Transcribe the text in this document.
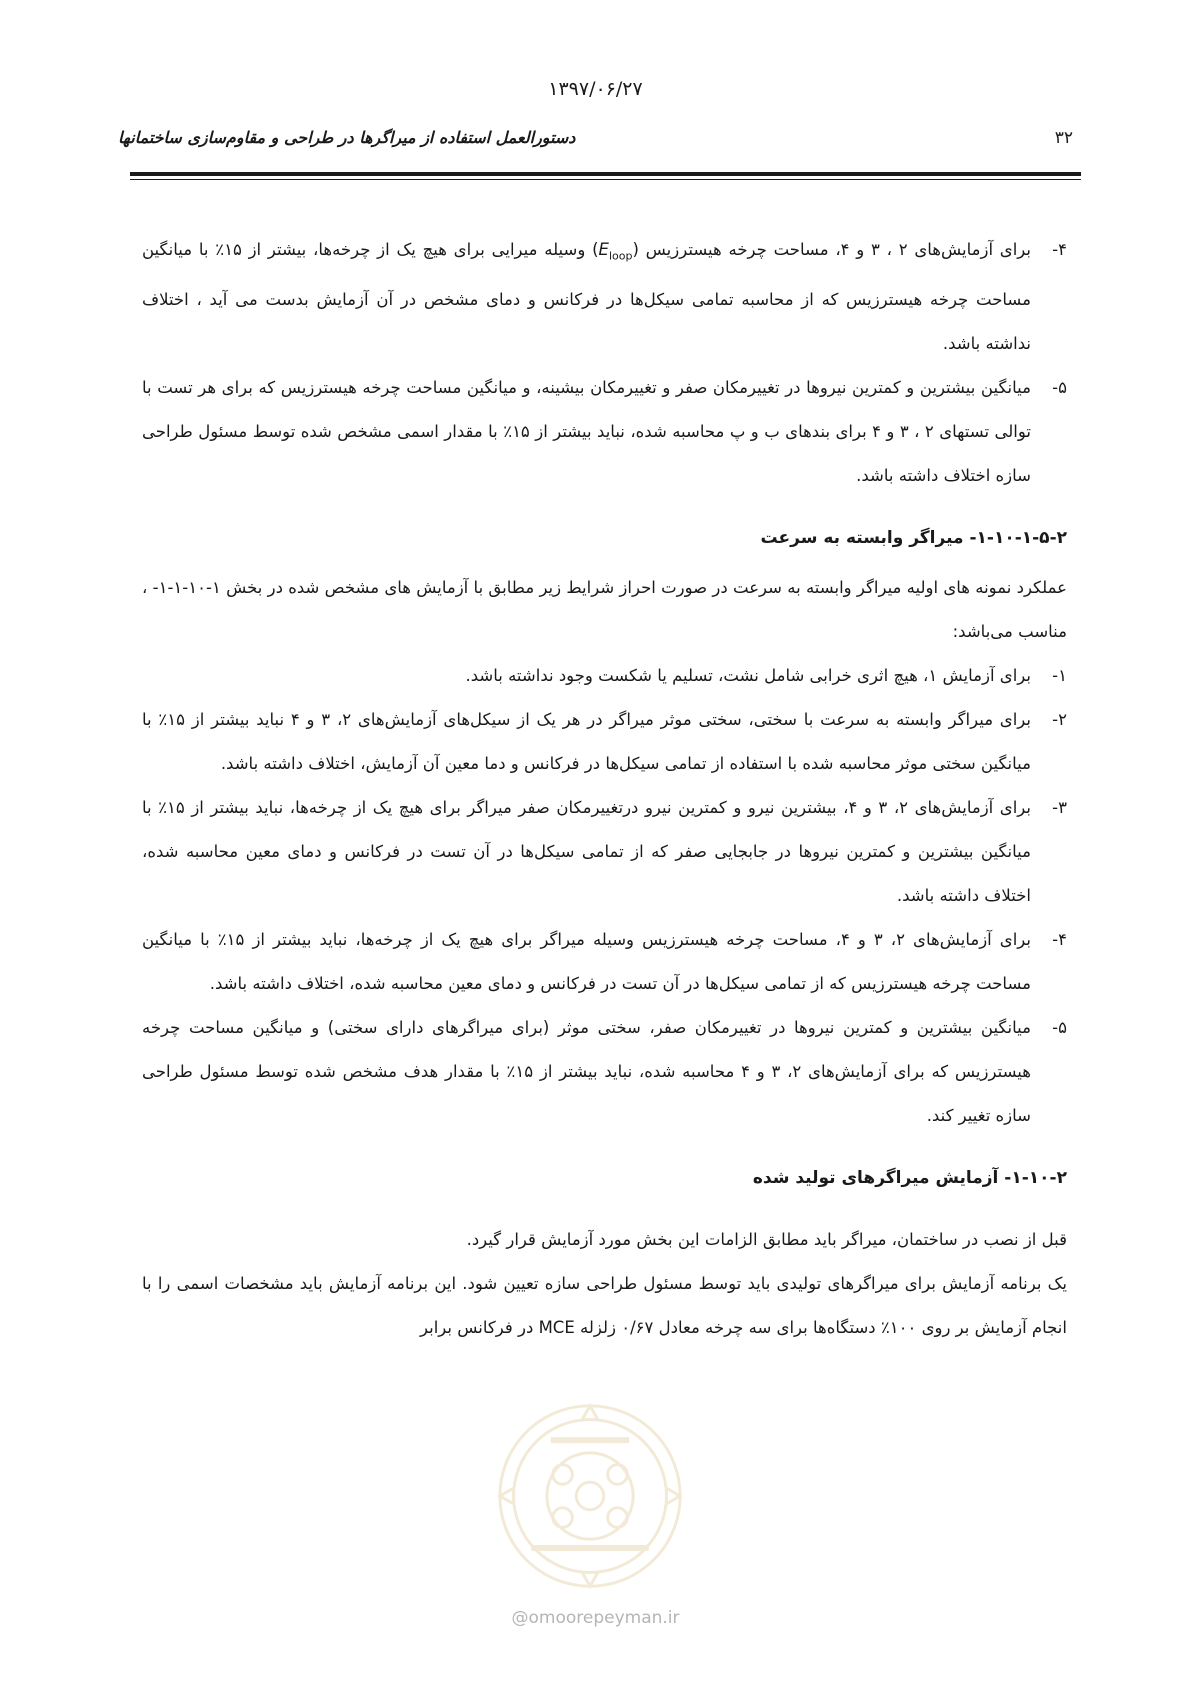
۱۳۹۷/۰۶/۲۷
۳۲
دستورالعمل استفاده از میراگرها در طراحی و مقاوم‌سازی ساختمانها
۴-
برای آزمایش‌های ۲ ، ۳ و ۴، مساحت چرخه هیسترزیس $(E_{loop})$ وسیله میرایی برای هیچ یک از چرخه‌ها، بیشتر از ۱۵٪ با میانگین مساحت چرخه هیسترزیس که از محاسبه تمامی سیکل‌ها در فرکانس و دمای مشخص در آن آزمایش بدست می آید ، اختلاف نداشته باشد.
۵-
میانگین بیشترین و کمترین نیروها در تغییرمکان صفر و تغییرمکان بیشینه، و میانگین مساحت چرخه هیسترزیس که برای هر تست با توالی تستهای ۲ ، ۳ و ۴ برای بندهای ب و پ محاسبه شده، نباید بیشتر از ۱۵٪ با مقدار اسمی مشخص شده توسط مسئول طراحی سازه اختلاف داشته باشد.
۱-۱۰-۱-۵-۲- میراگر وابسته به سرعت

عملکرد نمونه های اولیه میراگر وابسته به سرعت در صورت احراز شرایط زیر مطابق با آزمایش های مشخص شده در بخش ۱-۱۰-۱-۱- ، مناسب می‌باشد:

۱-
برای آزمایش ۱، هیچ اثری خرابی شامل نشت، تسلیم یا شکست وجود نداشته باشد.
۲-
برای میراگر وابسته به سرعت با سختی، سختی موثر میراگر در هر یک از سیکل‌های آزمایش‌های ۲، ۳ و ۴ نباید بیشتر از ۱۵٪ با میانگین سختی موثر محاسبه شده با استفاده از تمامی سیکل‌ها در فرکانس و دما معین آن آزمایش، اختلاف داشته باشد.
۳-
برای آزمایش‌های ۲، ۳ و ۴، بیشترین نیرو و کمترین نیرو درتغییرمکان صفر میراگر برای هیچ یک از چرخه‌ها، نباید بیشتر از ۱۵٪ با میانگین بیشترین و کمترین نیروها در جابجایی صفر که از تمامی سیکل‌ها در آن تست در فرکانس و دمای معین محاسبه شده، اختلاف داشته باشد.
۴-
برای آزمایش‌های ۲، ۳ و ۴، مساحت چرخه هیسترزیس وسیله میراگر برای هیچ یک از چرخه‌ها، نباید بیشتر از ۱۵٪ با میانگین مساحت چرخه هیسترزیس که از تمامی سیکل‌ها در آن تست در فرکانس و دمای معین محاسبه شده، اختلاف داشته باشد.
۵-
میانگین بیشترین و کمترین نیروها در تغییرمکان صفر، سختی موثر (برای میراگرهای دارای سختی) و میانگین مساحت چرخه هیسترزیس که برای آزمایش‌های ۲، ۳ و ۴ محاسبه شده، نباید بیشتر از ۱۵٪ با مقدار هدف مشخص شده توسط مسئول طراحی سازه تغییر کند.
۱-۱۰-۲- آزمایش میراگرهای تولید شده

قبل از نصب در ساختمان، میراگر باید مطابق الزامات این بخش مورد آزمایش قرار گیرد.

یک برنامه آزمایش برای میراگرهای تولیدی باید توسط مسئول طراحی سازه تعیین شود. این برنامه آزمایش باید مشخصات اسمی را با انجام آزمایش بر روی ۱۰۰٪ دستگاه‌ها برای سه چرخه معادل ۰/۶۷ زلزله MCE در فرکانس برابر

@omoorepeyman.ir
